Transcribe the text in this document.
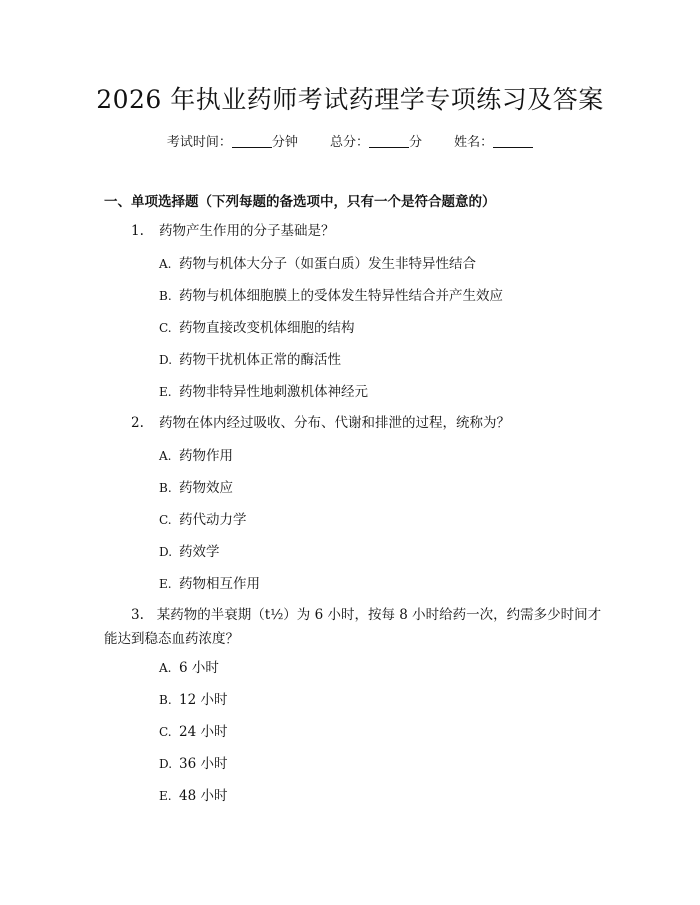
2026 年执业药师考试药理学专项练习及答案
考试时间：	分钟 总分：	分 姓名：
一、单项选择题（下列每题的备选项中，只有一个是符合题意的）
1. 药物产生作用的分子基础是？
A. 药物与机体大分子（如蛋白质）发生非特异性结合
B. 药物与机体细胞膜上的受体发生特异性结合并产生效应
C. 药物直接改变机体细胞的结构
D. 药物干扰机体正常的酶活性
E. 药物非特异性地刺激机体神经元
2. 药物在体内经过吸收、分布、代谢和排泄的过程，统称为？
A. 药物作用
B. 药物效应
C. 药代动力学
D. 药效学
E. 药物相互作用
3. 某药物的半衰期（t½）为 6 小时，按每 8 小时给药一次，约需多少时间才能达到稳态血药浓度？
A. 6 小时
B. 12 小时
C. 24 小时
D. 36 小时
E. 48 小时
